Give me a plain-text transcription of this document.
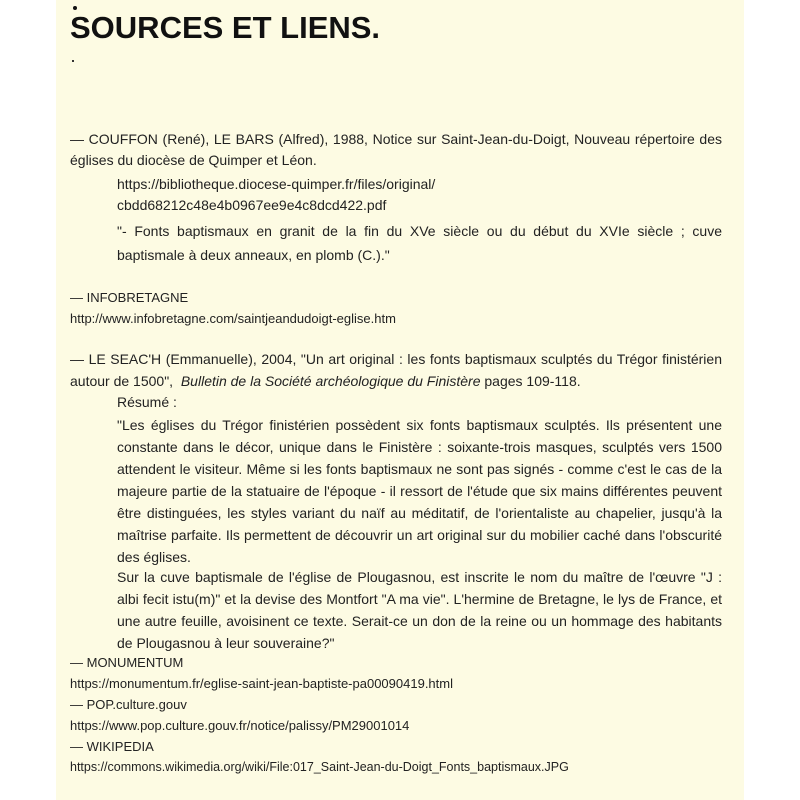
SOURCES ET LIENS.
— COUFFON (René), LE BARS (Alfred), 1988, Notice sur Saint-Jean-du-Doigt, Nouveau répertoire des églises du diocèse de Quimper et Léon.
https://bibliotheque.diocese-quimper.fr/files/original/
cbdd68212c48e4b0967ee9e4c8dcd422.pdf
"- Fonts baptismaux en granit de la fin du XVe siècle ou du début du XVIe siècle ; cuve baptismale à deux anneaux, en plomb (C.)."
— INFOBRETAGNE
http://www.infobretagne.com/saintjeandudoigt-eglise.htm
— LE SEAC'H (Emmanuelle), 2004, "Un art original : les fonts baptismaux sculptés du Trégor finistérien autour de 1500", Bulletin de la Société archéologique du Finistère pages 109-118.
Résumé :
"Les églises du Trégor finistérien possèdent six fonts baptismaux sculptés. Ils présentent une constante dans le décor, unique dans le Finistère : soixante-trois masques, sculptés vers 1500 attendent le visiteur. Même si les fonts baptismaux ne sont pas signés - comme c'est le cas de la majeure partie de la statuaire de l'époque - il ressort de l'étude que six mains différentes peuvent être distinguées, les styles variant du naïf au méditatif, de l'orientaliste au chapelier, jusqu'à la maîtrise parfaite. Ils permettent de découvrir un art original sur du mobilier caché dans l'obscurité des églises.
Sur la cuve baptismale de l'église de Plougasnou, est inscrite le nom du maître de l'œuvre "J : albi fecit istu(m)" et la devise des Montfort "A ma vie". L'hermine de Bretagne, le lys de France, et une autre feuille, avoisinent ce texte. Serait-ce un don de la reine ou un hommage des habitants de Plougasnou à leur souveraine?"
— MONUMENTUM
https://monumentum.fr/eglise-saint-jean-baptiste-pa00090419.html
— POP.culture.gouv
https://www.pop.culture.gouv.fr/notice/palissy/PM29001014
— WIKIPEDIA
https://commons.wikimedia.org/wiki/File:017_Saint-Jean-du-Doigt_Fonts_baptismaux.JPG
